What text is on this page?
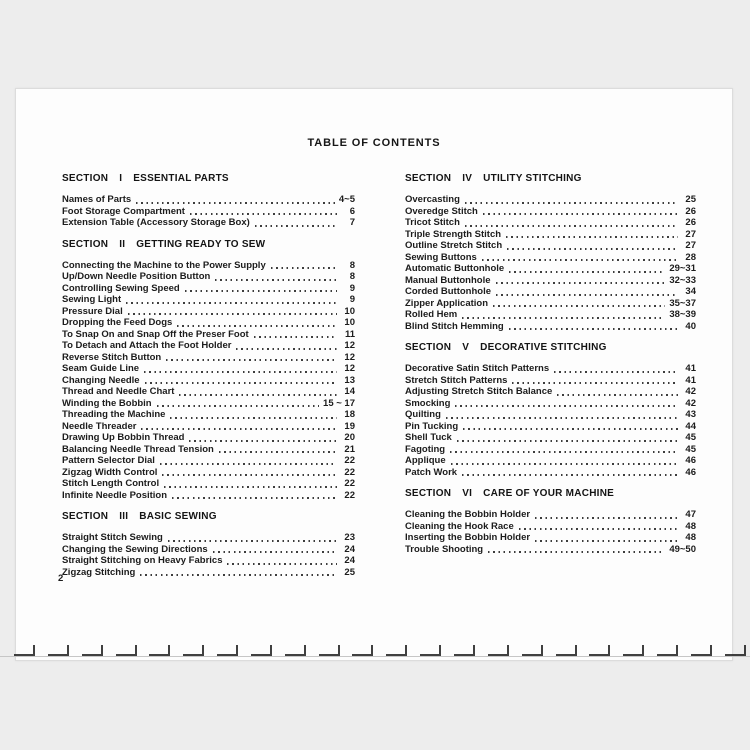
TABLE OF CONTENTS
SECTION I ESSENTIAL PARTS
Names of Parts	4~5
Foot Storage Compartment	6
Extension Table (Accessory Storage Box)	7
SECTION II GETTING READY TO SEW
Connecting the Machine to the Power Supply	8
Up/Down Needle Position Button	8
Controlling Sewing Speed	9
Sewing Light	9
Pressure Dial	10
Dropping the Feed Dogs	10
To Snap On and Snap Off the Preser Foot	11
To Detach and Attach the Foot Holder	12
Reverse Stitch Button	12
Seam Guide Line	12
Changing Needle	13
Thread and Needle Chart	14
Winding the Bobbin	15 ~ 17
Threading the Machine	18
Needle Threader	19
Drawing Up Bobbin Thread	20
Balancing Needle Thread Tension	21
Pattern Selector Dial	22
Zigzag Width Control	22
Stitch Length Control	22
Infinite Needle Position	22
SECTION III BASIC SEWING
Straight Stitch Sewing	23
Changing the Sewing Directions	24
Straight Stitching on Heavy Fabrics	24
Zigzag Stitching	25
SECTION IV UTILITY STITCHING
Overcasting	25
Overedge Stitch	26
Tricot Stitch	26
Triple Strength Stitch	27
Outline Stretch Stitch	27
Sewing Buttons	28
Automatic Buttonhole	29~31
Manual Buttonhole	32~33
Corded Buttonhole	34
Zipper Application	35~37
Rolled Hem	38~39
Blind Stitch Hemming	40
SECTION V DECORATIVE STITCHING
Decorative Satin Stitch Patterns	41
Stretch Stitch Patterns	41
Adjusting Stretch Stitch Balance	42
Smocking	42
Quilting	43
Pin Tucking	44
Shell Tuck	45
Fagoting	45
Applique	46
Patch Work	46
SECTION VI CARE OF YOUR MACHINE
Cleaning the Bobbin Holder	47
Cleaning the Hook Race	48
Inserting the Bobbin Holder	48
Trouble Shooting	49~50
2
